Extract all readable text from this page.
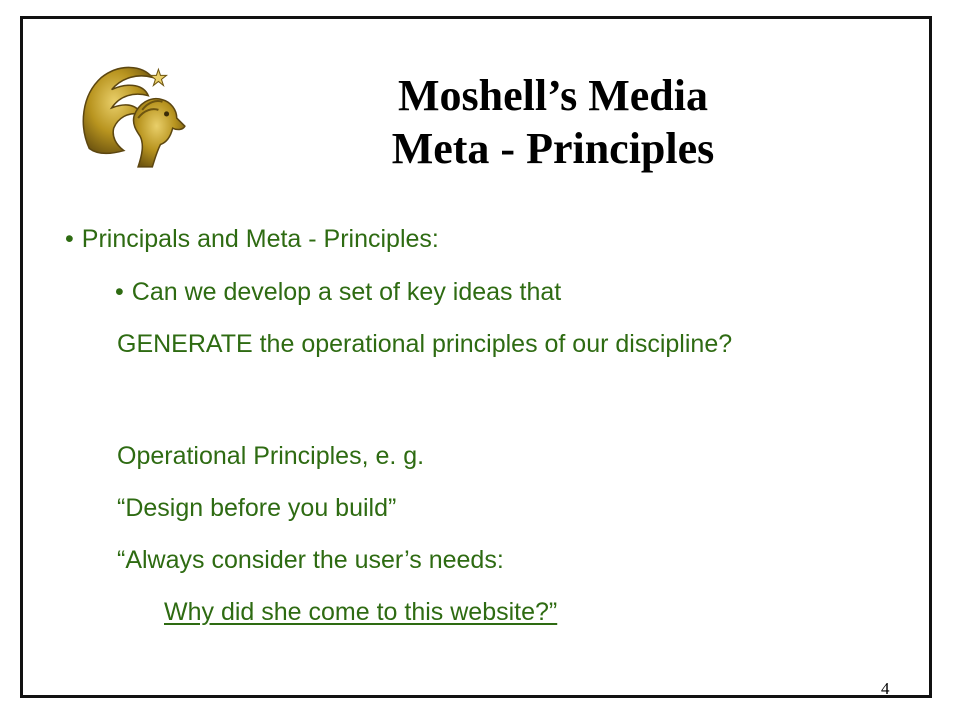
Moshell’s Media
Meta - Principles

• Principals and Meta - Principles:

• Can we develop a set of key ideas that

GENERATE the operational principles of our discipline?

Operational Principles, e. g.

“Design before you build”

“Always consider the user’s needs:

Why did she come to this website?”

4
